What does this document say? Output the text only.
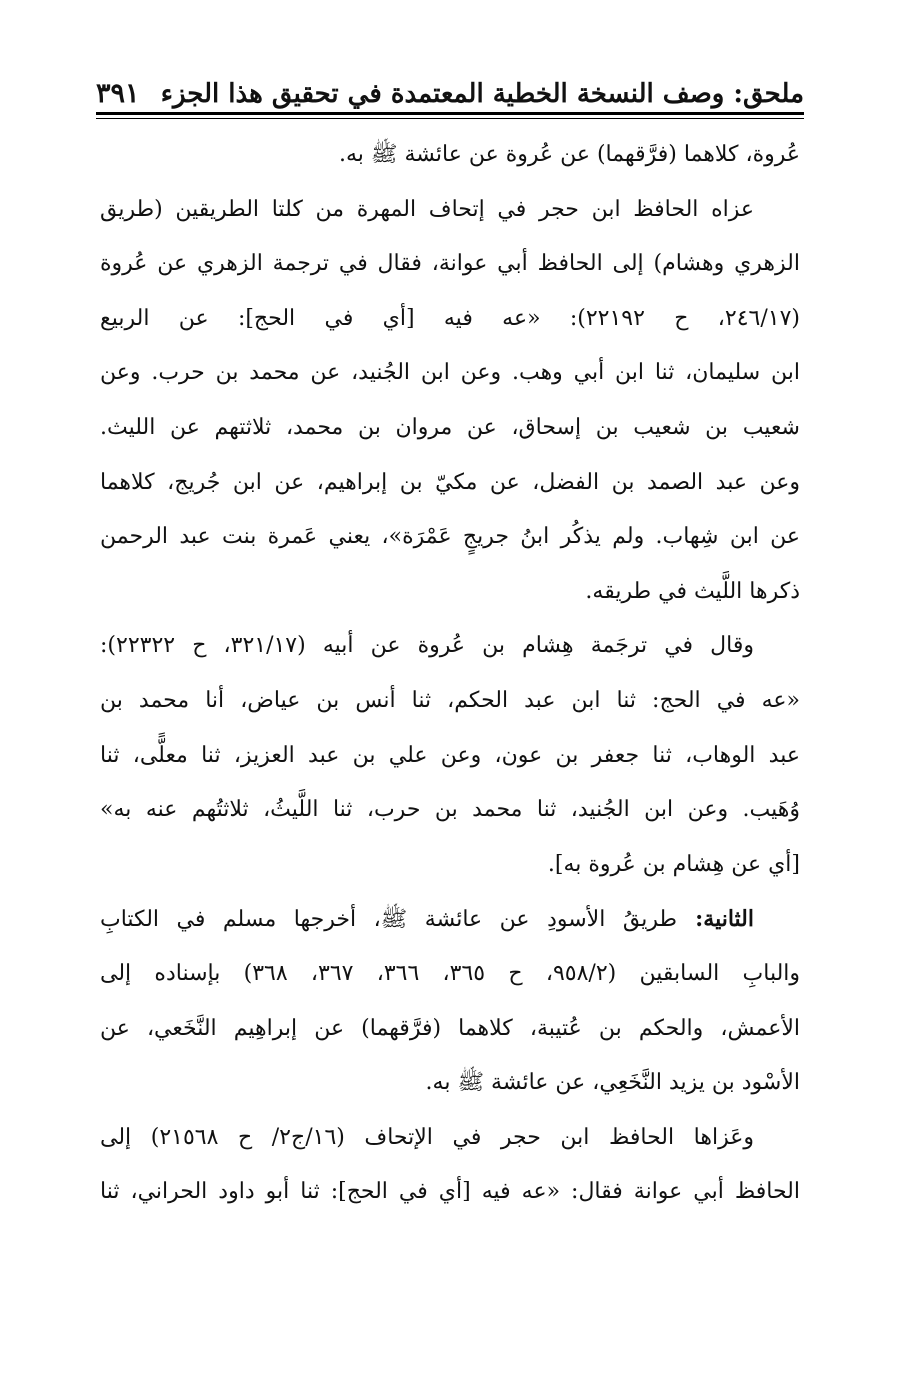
ملحق: وصف النسخة الخطية المعتمدة في تحقيق هذا الجزء
٣٩١
عُروة، كلاهما (فرَّقهما) عن عُروة عن عائشة ﷺ به.
عزاه الحافظ ابن حجر في إتحاف المهرة من كلتا الطريقين (طريق
الزهري وهشام) إلى الحافظ أبي عوانة، فقال في ترجمة الزهري عن عُروة
(٢٤٦/١٧، ح ٢٢١٩٢): «عه فيه [أي في الحج]: عن الربيع
ابن سليمان، ثنا ابن أبي وهب. وعن ابن الجُنيد، عن محمد بن حرب. وعن
شعيب بن شعيب بن إسحاق، عن مروان بن محمد، ثلاثتهم عن الليث.
وعن عبد الصمد بن الفضل، عن مكيّ بن إبراهيم، عن ابن جُريج، كلاهما
عن ابن شِهاب. ولم يذكُر ابنُ جريجٍ عَمْرَة»، يعني عَمرة بنت عبد الرحمن
ذكرها اللَّيث في طريقه.
وقال في ترجَمة هِشام بن عُروة عن أبيه (٣٢١/١٧، ح ٢٢٣٢٢):
«عه في الحج: ثنا ابن عبد الحكم، ثنا أنس بن عياض، أنا محمد بن
عبد الوهاب، ثنا جعفر بن عون، وعن علي بن عبد العزيز، ثنا معلًّى، ثنا
وُهَيب. وعن ابن الجُنيد، ثنا محمد بن حرب، ثنا اللَّيثُ، ثلاثتُهم عنه به»
[أي عن هِشام بن عُروة به].
الثانية: طريقُ الأسودِ عن عائشة ﷺ، أخرجها مسلم في الكتابِ
والبابِ السابقين (٩٥٨/٢، ح ٣٦٥، ٣٦٦، ٣٦٧، ٣٦٨) بإسناده إلى
الأعمش، والحكم بن عُتيبة، كلاهما (فرَّقهما) عن إبراهِيم النَّخَعي، عن
الأسْود بن يزيد النَّخَعِي، عن عائشة ﷺ به.
وعَزاها الحافظ ابن حجر في الإتحاف (١٦/ج٢/ ح ٢١٥٦٨) إلى
الحافظ أبي عوانة فقال: «عه فيه [أي في الحج]: ثنا أبو داود الحراني، ثنا
